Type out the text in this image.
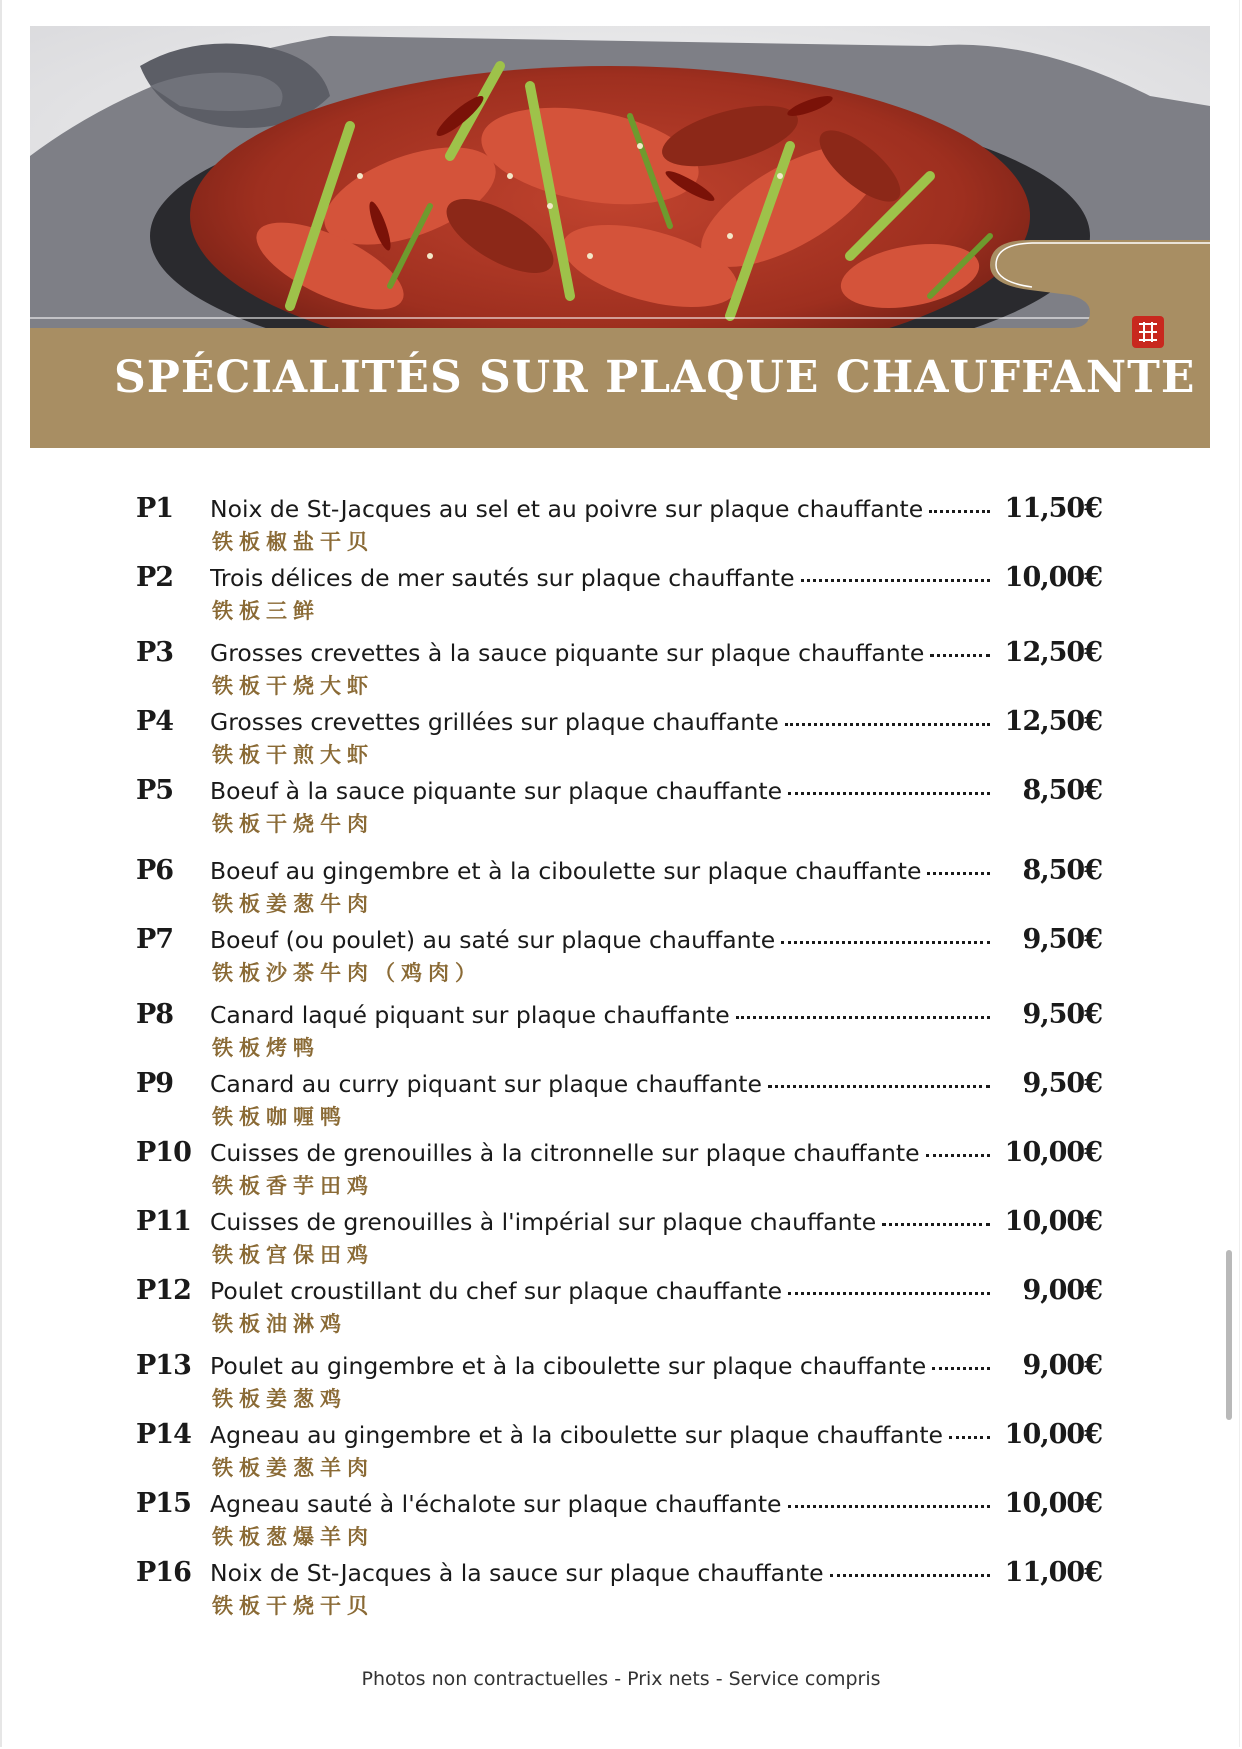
SPÉCIALITÉS SUR PLAQUE CHAUFFANTE
P1 Noix de St-Jacques au sel et au poivre sur plaque chauffante	11,50€
铁板椒盐干贝
P2 Trois délices de mer sautés sur plaque chauffante	10,00€
铁板三鲜
P3 Grosses crevettes à la sauce piquante sur plaque chauffante	12,50€
铁板干烧大虾
P4 Grosses crevettes grillées sur plaque chauffante	12,50€
铁板干煎大虾
P5 Boeuf à la sauce piquante sur plaque chauffante	8,50€
铁板干烧牛肉
P6 Boeuf au gingembre et à la ciboulette sur plaque chauffante	8,50€
铁板姜葱牛肉
P7 Boeuf (ou poulet) au saté sur plaque chauffante	9,50€
铁板沙茶牛肉（鸡肉）
P8 Canard laqué piquant sur plaque chauffante	9,50€
铁板烤鸭
P9 Canard au curry piquant sur plaque chauffante	9,50€
铁板咖喱鸭
P10 Cuisses de grenouilles à la citronnelle sur plaque chauffante	10,00€
铁板香芋田鸡
P11 Cuisses de grenouilles à l'impérial sur plaque chauffante	10,00€
铁板宫保田鸡
P12 Poulet croustillant du chef sur plaque chauffante	9,00€
铁板油淋鸡
P13 Poulet au gingembre et à la ciboulette sur plaque chauffante	9,00€
铁板姜葱鸡
P14 Agneau au gingembre et à la ciboulette sur plaque chauffante 10,00€
铁板姜葱羊肉
P15 Agneau sauté à l'échalote sur plaque chauffante	10,00€
铁板葱爆羊肉
P16 Noix de St-Jacques à la sauce sur plaque chauffante	11,00€
铁板干烧干贝
Photos non contractuelles - Prix nets - Service compris
